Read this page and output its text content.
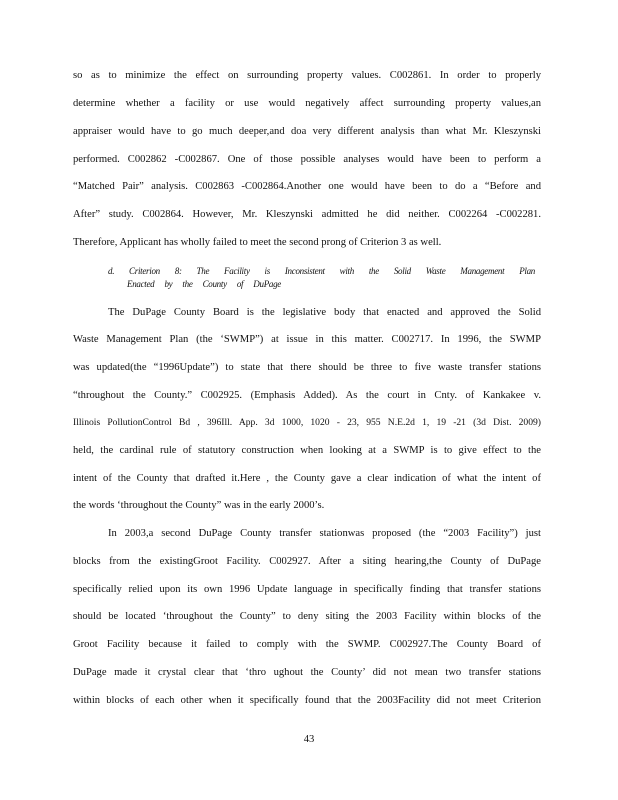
so as to minimize the effect on surrounding property values. C002861. In order to properly
determine whether a facility or use would negatively affect surrounding property values,an
appraiser would have to go much deeper,and doa very different analysis than what Mr. Kleszynski
performed. C002862 -C002867. One of those possible analyses would have been to perform a
“Matched Pair” analysis. C002863 -C002864.Another one would have been to do a “Before and
After” study. C002864. However, Mr. Kleszynski admitted he did neither. C002264 -C002281.
Therefore, Applicant has wholly failed to meet the second prong of Criterion 3 as well.
d. Criterion 8: The Facility is Inconsistent with the Solid Waste Management Plan
Enacted by the County of DuPage
The DuPage County Board is the legislative body that enacted and approved the Solid
Waste Management Plan (the ‘SWMP”) at issue in this matter. C002717. In 1996, the SWMP
was updated(the “1996Update”) to state that there should be three to five waste transfer stations
“throughout the County.” C002925. (Emphasis Added). As the court in Cnty. of Kankakee v.
Illinois PollutionControl Bd , 396Ill. App. 3d 1000, 1020 - 23, 955 N.E.2d 1, 19 -21 (3d Dist. 2009)
held, the cardinal rule of statutory construction when looking at a SWMP is to give effect to the
intent of the County that drafted it.Here , the County gave a clear indication of what the intent of
the words ‘throughout the County” was in the early 2000’s.
In 2003,a second DuPage County transfer stationwas proposed (the “2003 Facility”) just
blocks from the existingGroot Facility. C002927. After a siting hearing,the County of DuPage
specifically relied upon its own 1996 Update language in specifically finding that transfer stations
should be located ‘throughout the County” to deny siting the 2003 Facility within blocks of the
Groot Facility because it failed to comply with the SWMP. C002927.The County Board of
DuPage made it crystal clear that ‘thro ughout the County’ did not mean two transfer stations
within blocks of each other when it specifically found that the 2003Facility did not meet Criterion
43
